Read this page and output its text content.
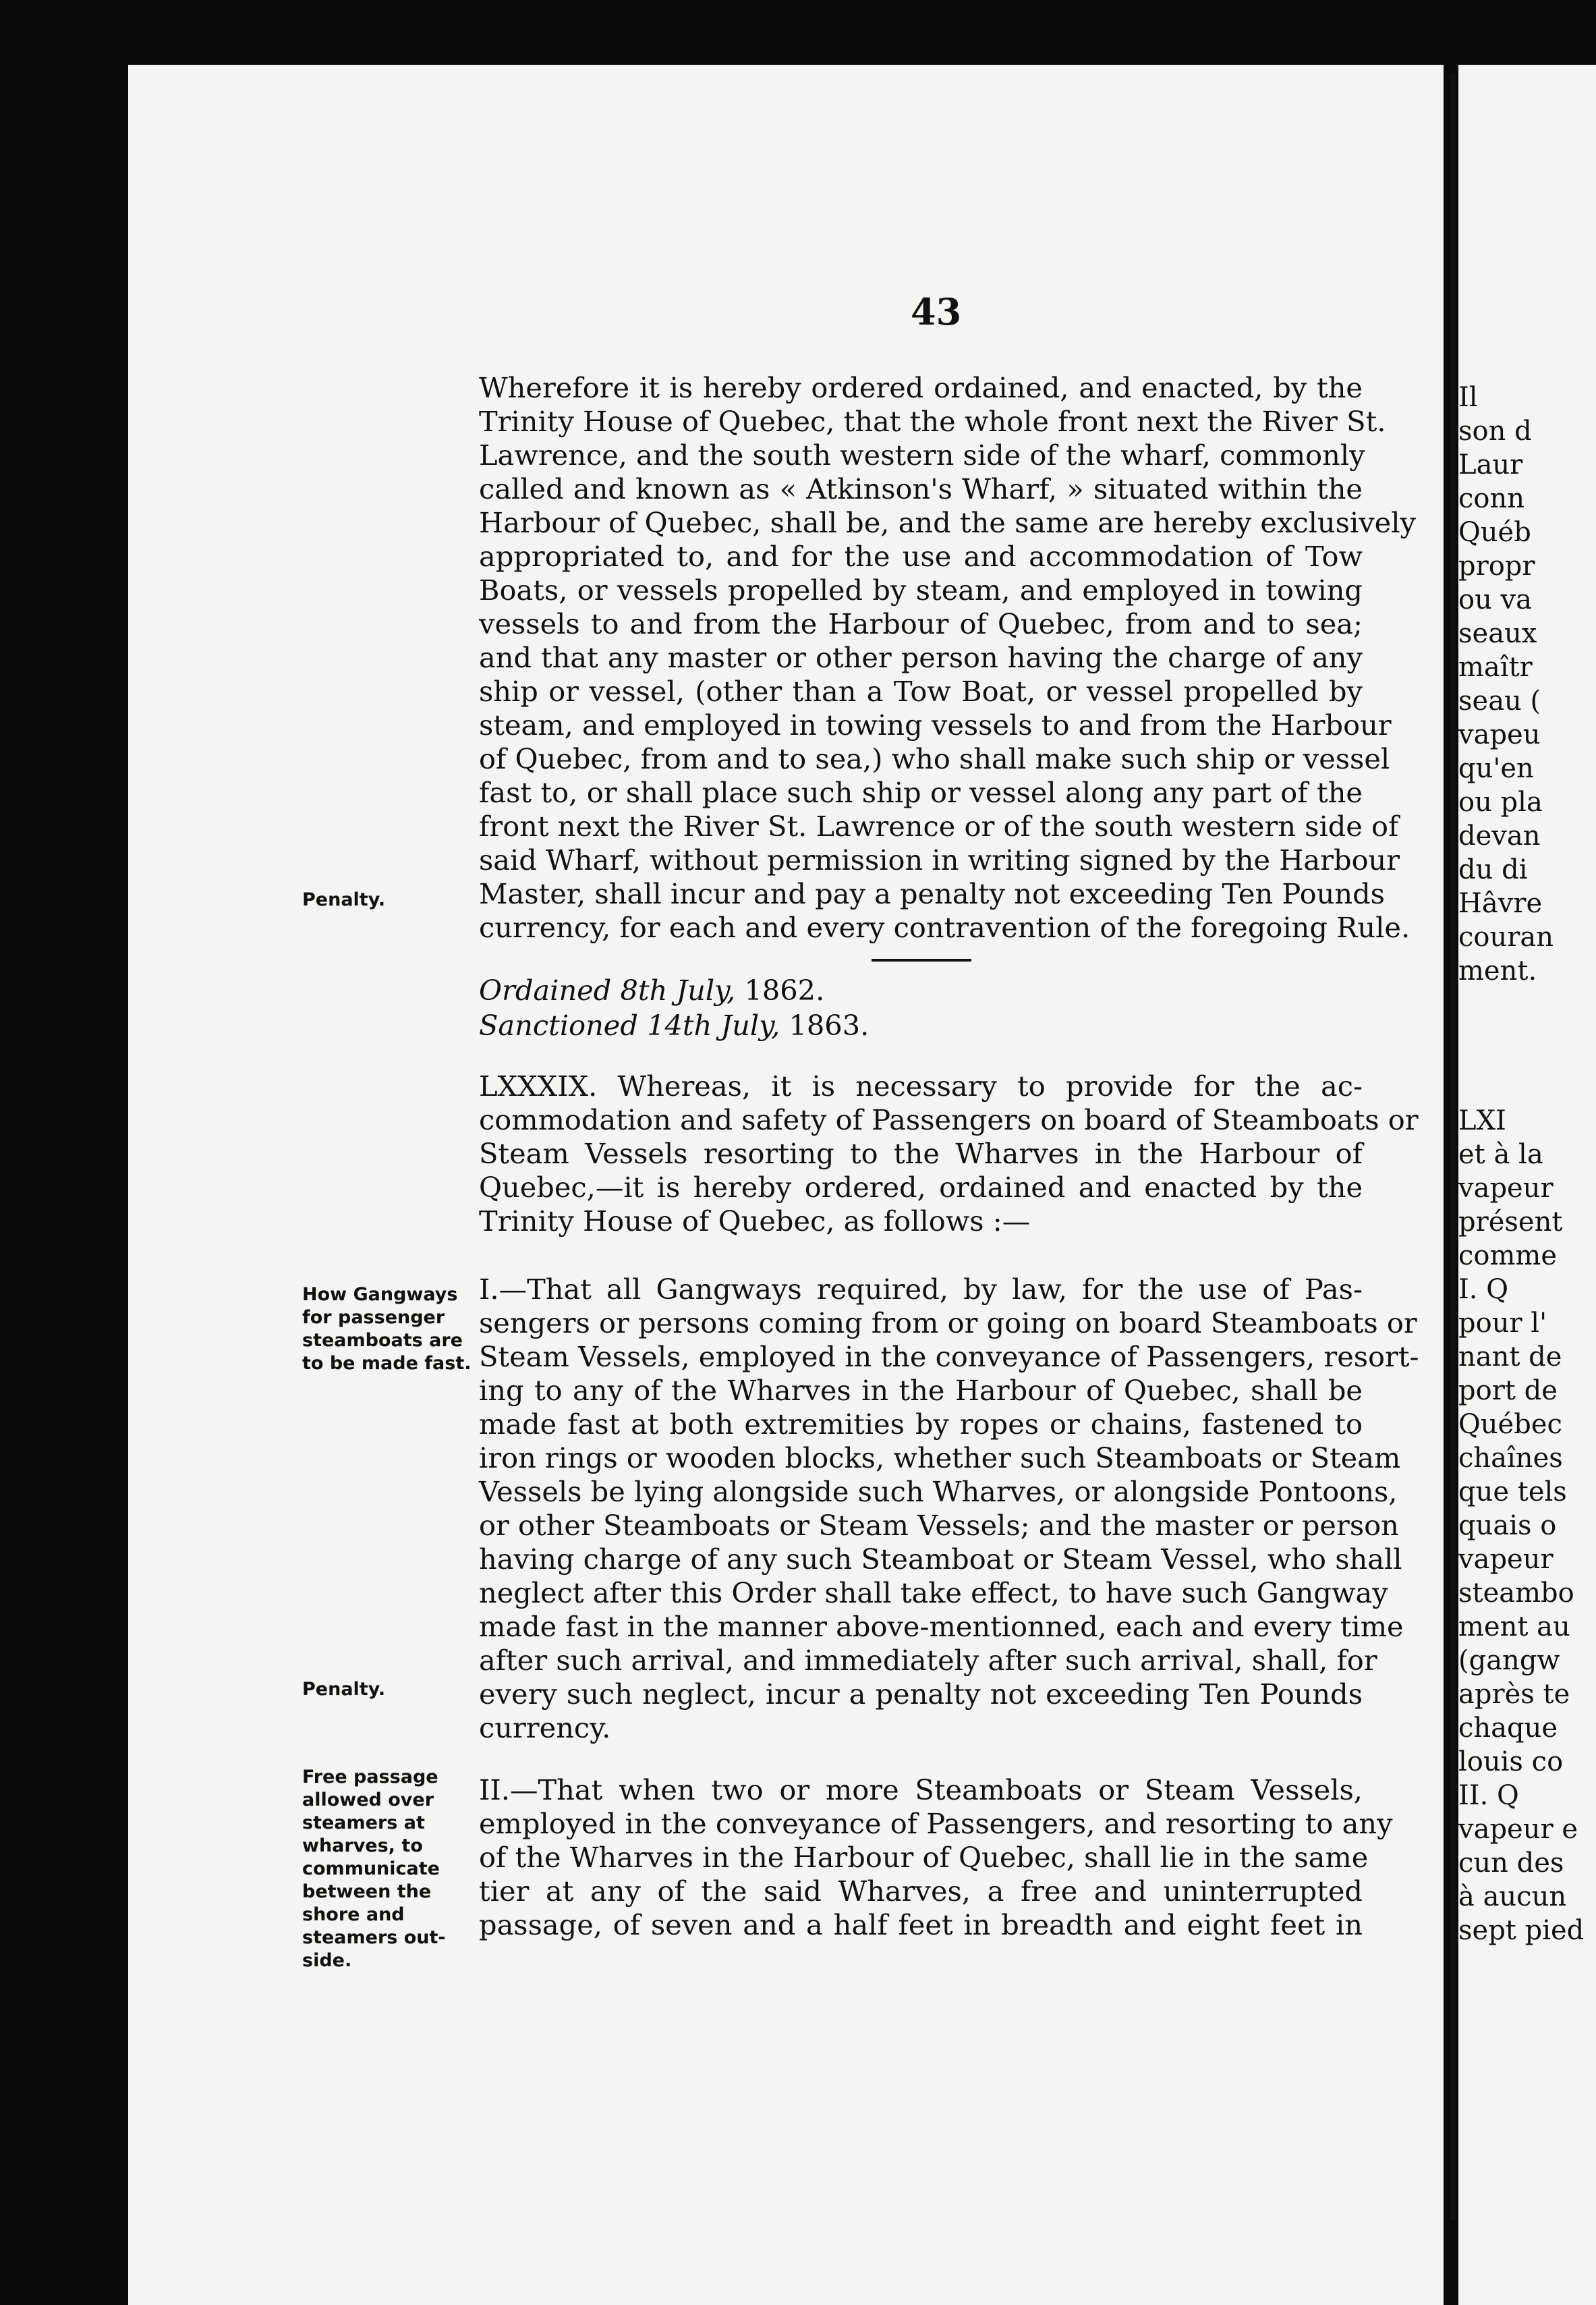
Il
son d
Laur
conn
Québ
propr
ou va
seaux
maîtr
seau (
vapeu
qu'en
ou pla
devan
du di
Hâvre
couran
ment.
LXI
et à la
vapeur
présent
comme
I. Q
pour l'
nant de
port de
Québec
chaînes
que tels
quais o
vapeur
steambo
ment au
(gangw
après te
chaque
louis co
II. Q
vapeur e
cun des
à aucun
sept pied
43
Wherefore it is hereby ordered ordained, and enacted, by the
Trinity House of Quebec, that the whole front next the River St.
Lawrence, and the south western side of the wharf, commonly
called and known as « Atkinson's Wharf, » situated within the
Harbour of Quebec, shall be, and the same are hereby exclusively
appropriated to, and for the use and accommodation of Tow
Boats, or vessels propelled by steam, and employed in towing
vessels to and from the Harbour of Quebec, from and to sea;
and that any master or other person having the charge of any
ship or vessel, (other than a Tow Boat, or vessel propelled by
steam, and employed in towing vessels to and from the Harbour
of Quebec, from and to sea,) who shall make such ship or vessel
fast to, or shall place such ship or vessel along any part of the
front next the River St. Lawrence or of the south western side of
said Wharf, without permission in writing signed by the Harbour
Master, shall incur and pay a penalty not exceeding Ten Pounds
currency, for each and every contravention of the foregoing Rule.
Penalty.
Ordained 8th July, 1862.
Sanctioned 14th July, 1863.
LXXXIX. Whereas, it is necessary to provide for the ac-
commodation and safety of Passengers on board of Steamboats or
Steam Vessels resorting to the Wharves in the Harbour of
Quebec,—it is hereby ordered, ordained and enacted by the
Trinity House of Quebec, as follows :—
How Gangways
for passenger
steamboats are
to be made fast.
I.—That all Gangways required, by law, for the use of Pas-
sengers or persons coming from or going on board Steamboats or
Steam Vessels, employed in the conveyance of Passengers, resort-
ing to any of the Wharves in the Harbour of Quebec, shall be
made fast at both extremities by ropes or chains, fastened to
iron rings or wooden blocks, whether such Steamboats or Steam
Vessels be lying alongside such Wharves, or alongside Pontoons,
or other Steamboats or Steam Vessels; and the master or person
having charge of any such Steamboat or Steam Vessel, who shall
neglect after this Order shall take effect, to have such Gangway
made fast in the manner above-mentionned, each and every time
after such arrival, and immediately after such arrival, shall, for
every such neglect, incur a penalty not exceeding Ten Pounds
currency.
Penalty.
Free passage
allowed over
steamers at
wharves, to
communicate
between the
shore and
steamers out-
side.
II.—That when two or more Steamboats or Steam Vessels,
employed in the conveyance of Passengers, and resorting to any
of the Wharves in the Harbour of Quebec, shall lie in the same
tier at any of the said Wharves, a free and uninterrupted
passage, of seven and a half feet in breadth and eight feet in
